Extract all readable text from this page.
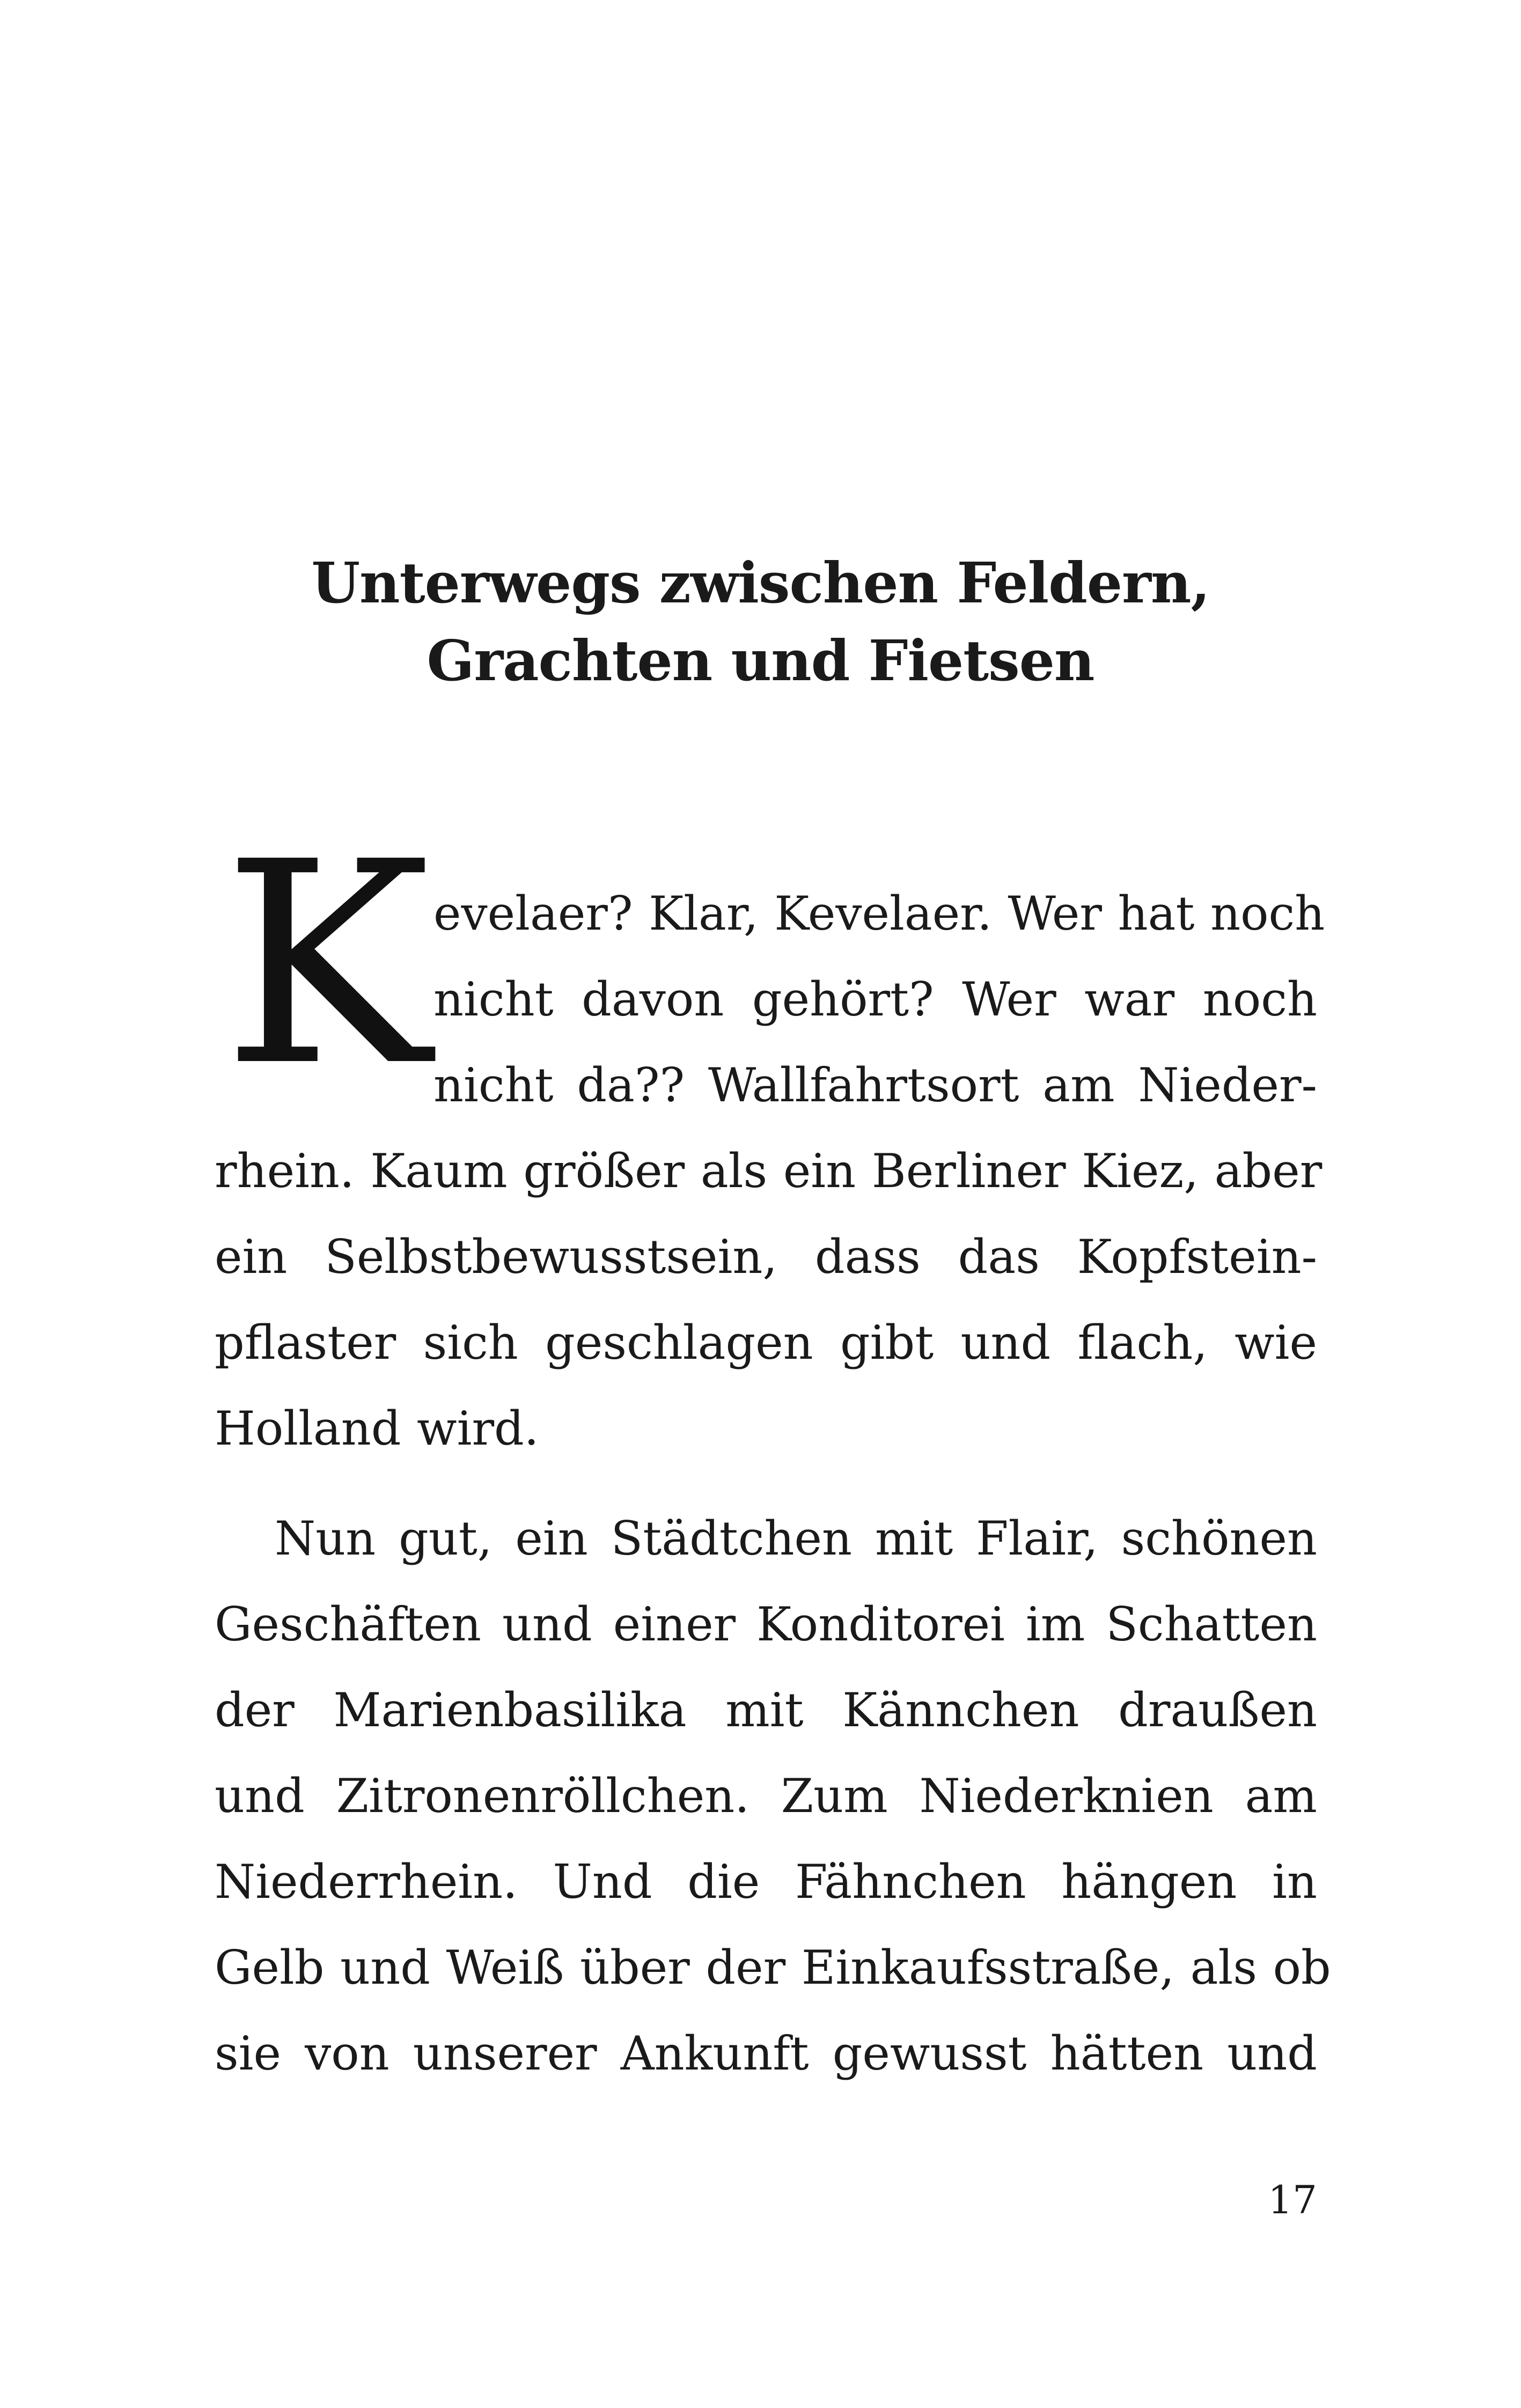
Unterwegs zwischen Feldern,
Grachten und Fietsen
K evelaer? Klar, Kevelaer. Wer hat noch
nicht davon gehört? Wer war noch
nicht da?? Wallfahrtsort am Nieder-
rhein. Kaum größer als ein Berliner Kiez, aber
ein Selbstbewusstsein, dass das Kopfstein-
pflaster sich geschlagen gibt und flach, wie
Holland wird.
Nun gut, ein Städtchen mit Flair, schönen
Geschäften und einer Konditorei im Schatten
der Marienbasilika mit Kännchen draußen
und Zitronenröllchen. Zum Niederknien am
Niederrhein. Und die Fähnchen hängen in
Gelb und Weiß über der Einkaufsstraße, als ob
sie von unserer Ankunft gewusst hätten und
17
